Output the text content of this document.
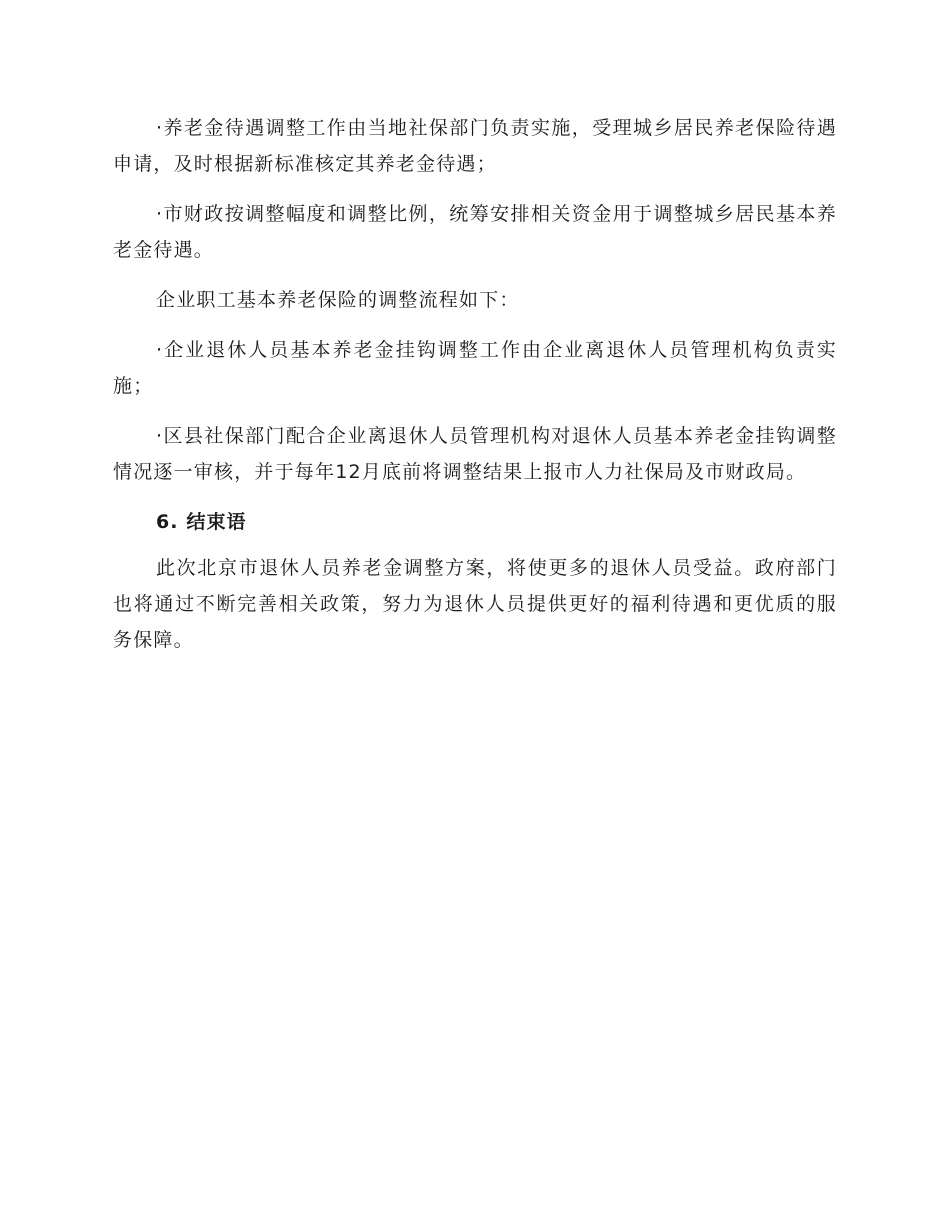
·养老金待遇调整工作由当地社保部门负责实施，受理城乡居民养老保险待遇申请，及时根据新标准核定其养老金待遇；

·市财政按调整幅度和调整比例，统筹安排相关资金用于调整城乡居民基本养老金待遇。

企业职工基本养老保险的调整流程如下：

·企业退休人员基本养老金挂钩调整工作由企业离退休人员管理机构负责实施；

·区县社保部门配合企业离退休人员管理机构对退休人员基本养老金挂钩调整情况逐一审核，并于每年12月底前将调整结果上报市人力社保局及市财政局。

6. 结束语

此次北京市退休人员养老金调整方案，将使更多的退休人员受益。政府部门也将通过不断完善相关政策，努力为退休人员提供更好的福利待遇和更优质的服务保障。
